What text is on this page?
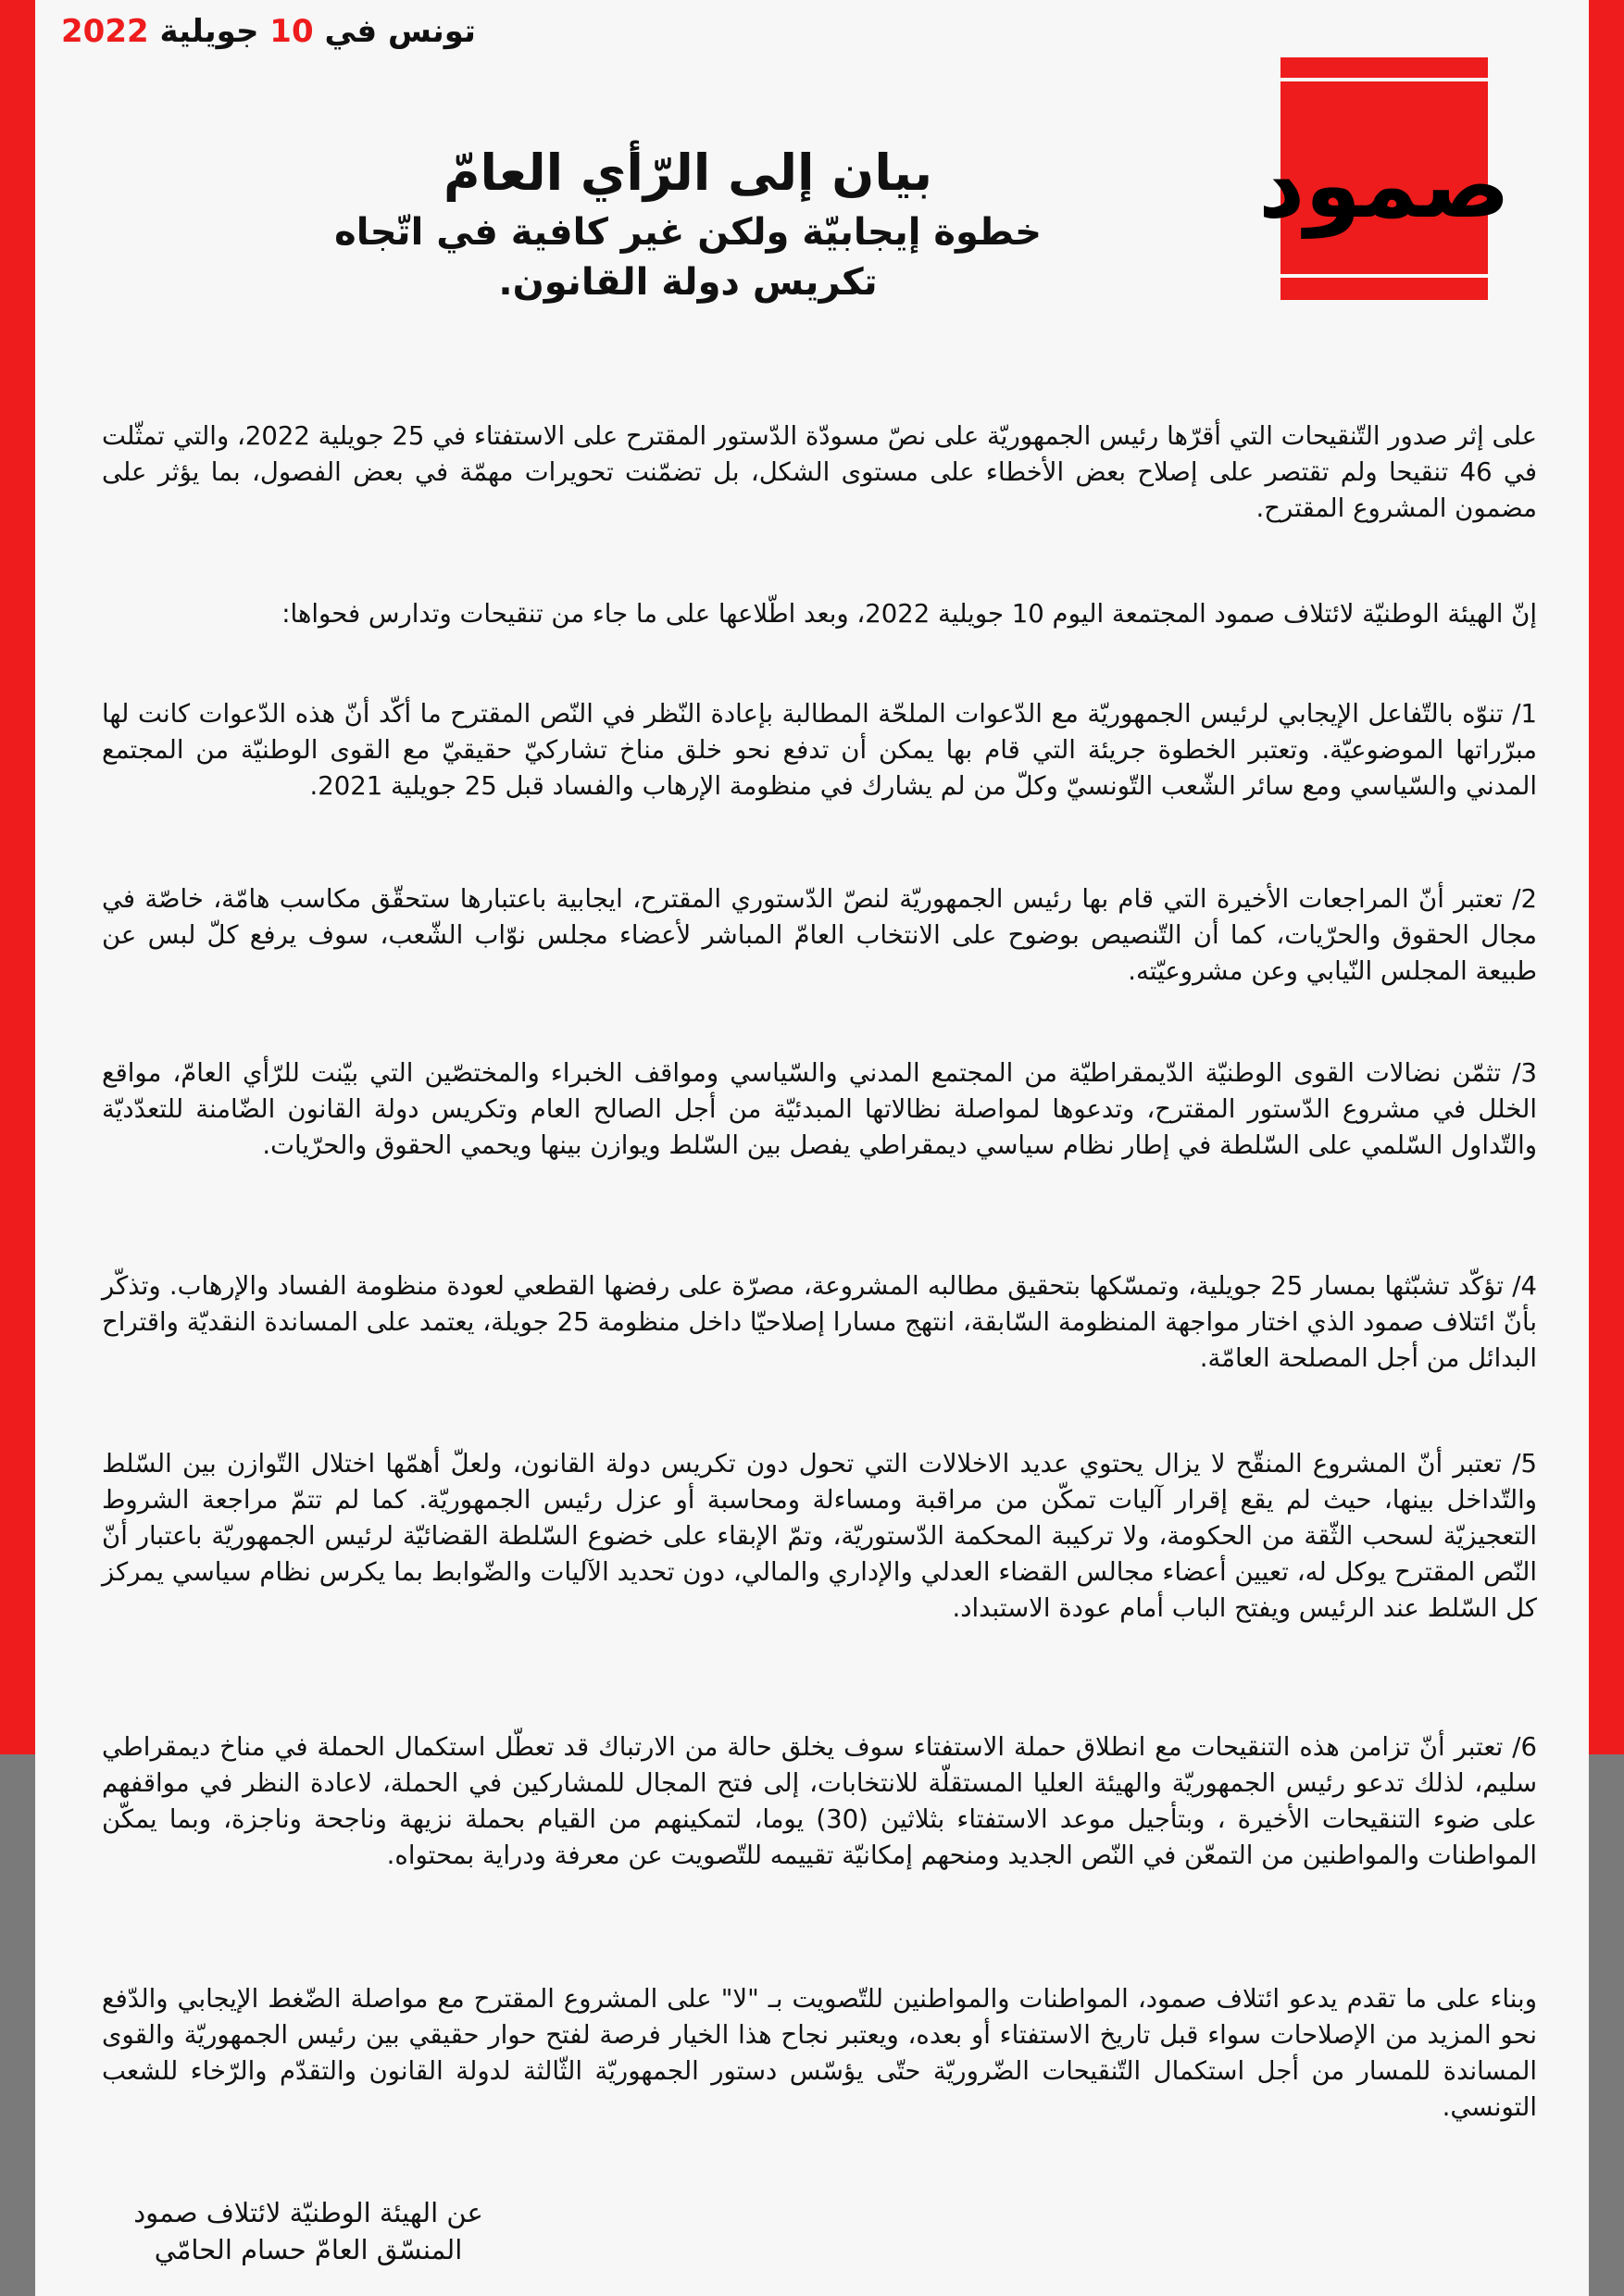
تونس في 10 جويلية 2022
صمود
بيان إلى الرّأي العامّ
خطوة إيجابيّة ولكن غير كافية في اتّجاه
تكريس دولة القانون.

على إثر صدور التّنقيحات التي أقرّها رئيس الجمهوريّة على نصّ مسودّة الدّستور المقترح على الاستفتاء في 25 جويلية 2022، والتي تمثّلت في 46 تنقيحا ولم تقتصر على إصلاح بعض الأخطاء على مستوى الشكل، بل تضمّنت تحويرات مهمّة في بعض الفصول، بما يؤثر على مضمون المشروع المقترح.

إنّ الهيئة الوطنيّة لائتلاف صمود المجتمعة اليوم 10 جويلية 2022، وبعد اطّلاعها على ما جاء من تنقيحات وتدارس فحواها:

1/ تنوّه بالتّفاعل الإيجابي لرئيس الجمهوريّة مع الدّعوات الملحّة المطالبة بإعادة النّظر في النّص المقترح ما أكّد أنّ هذه الدّعوات كانت لها مبرّراتها الموضوعيّة. وتعتبر الخطوة جريئة التي قام بها يمكن أن تدفع نحو خلق مناخ تشاركيّ حقيقيّ مع القوى الوطنيّة من المجتمع المدني والسّياسي ومع سائر الشّعب التّونسيّ وكلّ من لم يشارك في منظومة الإرهاب والفساد قبل 25 جويلية 2021.

2/ تعتبر أنّ المراجعات الأخيرة التي قام بها رئيس الجمهوريّة لنصّ الدّستوري المقترح، ايجابية باعتبارها ستحقّق مكاسب هامّة، خاصّة في مجال الحقوق والحرّيات، كما أن التّنصيص بوضوح على الانتخاب العامّ المباشر لأعضاء مجلس نوّاب الشّعب، سوف يرفع كلّ لبس عن طبيعة المجلس النّيابي وعن مشروعيّته.

3/ تثمّن نضالات القوى الوطنيّة الدّيمقراطيّة من المجتمع المدني والسّياسي ومواقف الخبراء والمختصّين التي بيّنت للرّأي العامّ، مواقع الخلل في مشروع الدّستور المقترح، وتدعوها لمواصلة نظالاتها المبدئيّة من أجل الصالح العام وتكريس دولة القانون الضّامنة للتعدّديّة والتّداول السّلمي على السّلطة في إطار نظام سياسي ديمقراطي يفصل بين السّلط ويوازن بينها ويحمي الحقوق والحرّيات.

4/ تؤكّد تشبّثها بمسار 25 جويلية، وتمسّكها بتحقيق مطالبه المشروعة، مصرّة على رفضها القطعي لعودة منظومة الفساد والإرهاب. وتذكّر بأنّ ائتلاف صمود الذي اختار مواجهة المنظومة السّابقة، انتهج مسارا إصلاحيّا داخل منظومة 25 جويلة، يعتمد على المساندة النقديّة واقتراح البدائل من أجل المصلحة العامّة.

5/ تعتبر أنّ المشروع المنقّح لا يزال يحتوي عديد الاخلالات التي تحول دون تكريس دولة القانون، ولعلّ أهمّها اختلال التّوازن بين السّلط والتّداخل بينها، حيث لم يقع إقرار آليات تمكّن من مراقبة ومساءلة ومحاسبة أو عزل رئيس الجمهوريّة. كما لم تتمّ مراجعة الشروط التعجيزيّة لسحب الثّقة من الحكومة، ولا تركيبة المحكمة الدّستوريّة، وتمّ الإبقاء على خضوع السّلطة القضائيّة لرئيس الجمهوريّة باعتبار أنّ النّص المقترح يوكل له، تعيين أعضاء مجالس القضاء العدلي والإداري والمالي، دون تحديد الآليات والضّوابط بما يكرس نظام سياسي يمركز كل السّلط عند الرئيس ويفتح الباب أمام عودة الاستبداد.

6/ تعتبر أنّ تزامن هذه التنقيحات مع انطلاق حملة الاستفتاء سوف يخلق حالة من الارتباك قد تعطّل استكمال الحملة في مناخ ديمقراطي سليم، لذلك تدعو رئيس الجمهوريّة والهيئة العليا المستقلّة للانتخابات، إلى فتح المجال للمشاركين في الحملة، لاعادة النظر في مواقفهم على ضوء التنقيحات الأخيرة ، وبتأجيل موعد الاستفتاء بثلاثين (30) يوما، لتمكينهم من القيام بحملة نزيهة وناجحة وناجزة، وبما يمكّن المواطنات والمواطنين من التمعّن في النّص الجديد ومنحهم إمكانيّة تقييمه للتّصويت عن معرفة ودراية بمحتواه.

وبناء على ما تقدم يدعو ائتلاف صمود، المواطنات والمواطنين للتّصويت بـ "لا" على المشروع المقترح مع مواصلة الضّغط الإيجابي والدّفع نحو المزيد من الإصلاحات سواء قبل تاريخ الاستفتاء أو بعده، ويعتبر نجاح هذا الخيار فرصة لفتح حوار حقيقي بين رئيس الجمهوريّة والقوى المساندة للمسار من أجل استكمال التّنقيحات الضّروريّة حتّى يؤسّس دستور الجمهوريّة الثّالثة لدولة القانون والتقدّم والرّخاء للشعب التونسي.

عن الهيئة الوطنيّة لائتلاف صمود
المنسّق العامّ حسام الحامّي
